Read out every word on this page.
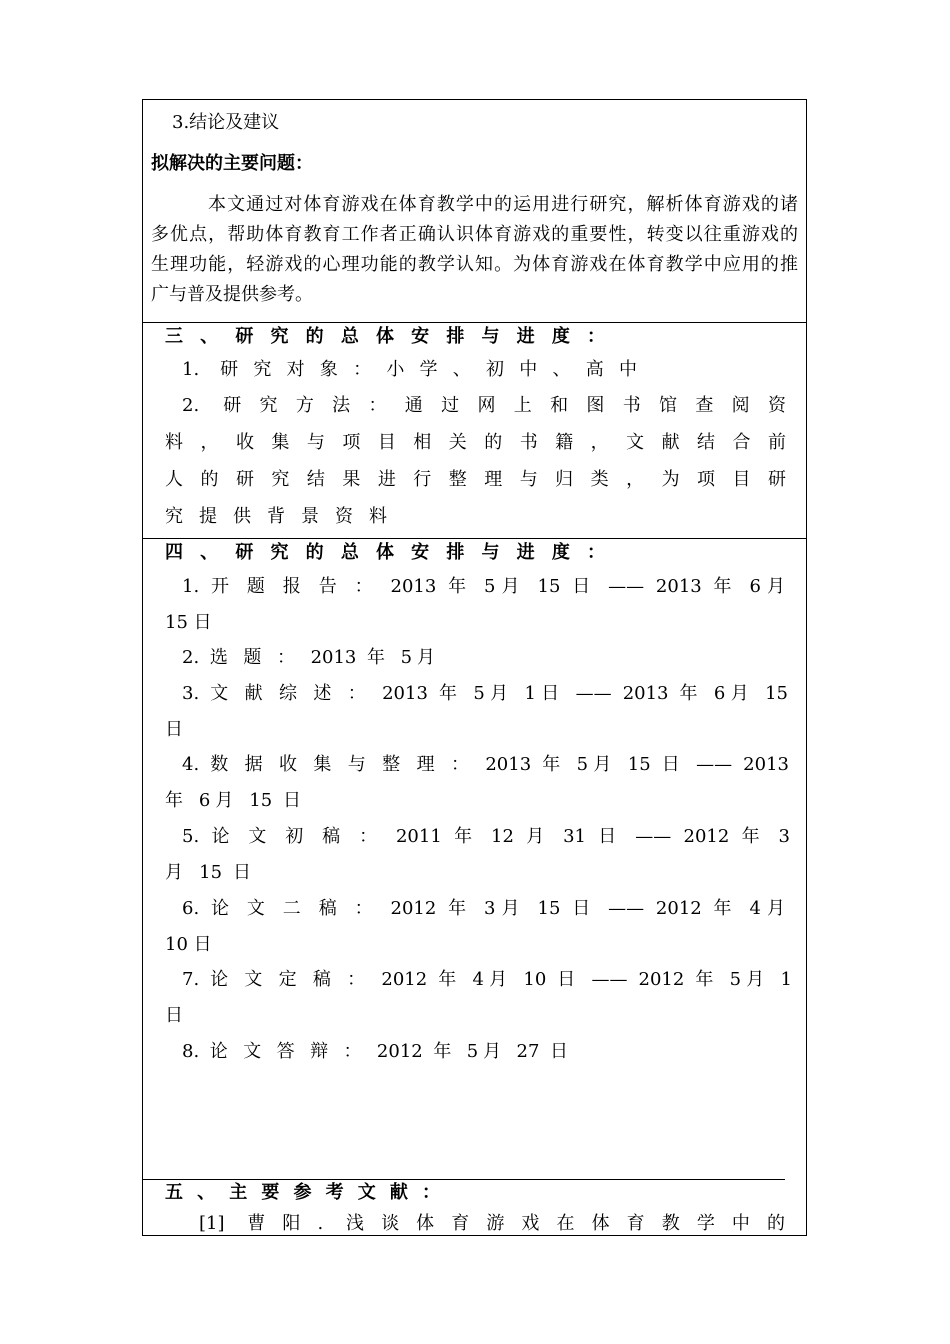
3.结论及建议
拟解决的主要问题：
本文通过对体育游戏在体育教学中的运用进行研究，解析体育游戏的诸
多优点，帮助体育教育工作者正确认识体育游戏的重要性，转变以往重游戏的
生理功能，轻游戏的心理功能的教学认知。为体育游戏在体育教学中应用的推
广与普及提供参考。
三、研究的总体安排与进度：
1. 研究对象：小学、初中、高中
2. 研究方法：通过网上和图书馆查阅资
料，收集与项目相关的书籍，文献结合前
人的研究结果进行整理与归类，为项目研
究提供背景资料
四、研究的总体安排与进度：
1. 开 题 报 告 ： 2013 年 5月 15 日 —— 2013 年 6月
15 日
2. 选 题 ： 2013 年 5月
3. 文 献 综 述 ： 2013 年 5月 1日 —— 2013 年 6月 15
日
4. 数 据 收 集 与 整 理 ： 2013 年 5月 15 日 —— 2013
年 6月 15 日
5. 论 文 初 稿 ： 2011 年 12 月 31 日 —— 2012 年 3
月 15 日
6. 论 文 二 稿 ： 2012 年 3月 15 日 —— 2012 年 4月
10 日
7. 论 文 定 稿 ： 2012 年 4月 10 日 —— 2012 年 5月 1
日
8. 论 文 答 辩 ： 2012 年 5月 27 日
五、主要参考文献：
[1] 曹阳. 浅谈体育游戏在体育教学中的
